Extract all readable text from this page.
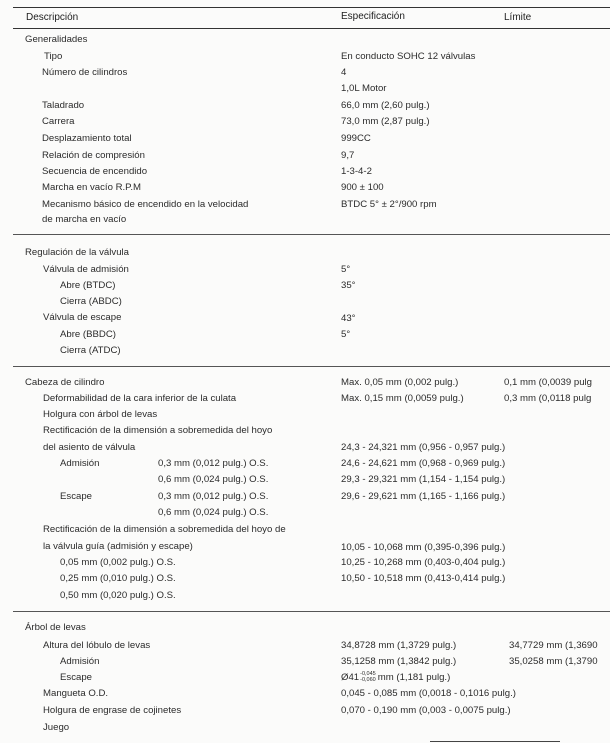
Descripción	Especificación	Límite
Generalidades
Tipo	En conducto SOHC 12 válvulas
Número de cilindros	4
1,0L Motor
Taladrado	66,0 mm (2,60 pulg.)
Carrera	73,0 mm (2,87 pulg.)
Desplazamiento total	999CC
Relación de compresión	9,7
Secuencia de encendido	1-3-4-2
Marcha en vacío R.P.M	900 ± 100
Mecanismo básico de encendido en la velocidad	BTDC 5° ± 2°/900 rpm
de marcha en vacío
Regulación de la válvula
Válvula de admisión	5°
Abre (BTDC)	35°
Cierra (ABDC)
Válvula de escape	43°
Abre (BBDC)	5°
Cierra (ATDC)
Cabeza de cilindro	Max. 0,05 mm (0,002 pulg.)	0,1 mm (0,0039 pulg
Deformabilidad de la cara inferior de la culata	Max. 0,15 mm (0,0059 pulg.)	0,3 mm (0,0118 pulg
Holgura con árbol de levas
Rectificación de la dimensión a sobremedida del hoyo
del asiento de válvula	24,3 - 24,321 mm (0,956 - 0,957 pulg.)
Admisión	0,3 mm (0,012 pulg.) O.S.	24,6 - 24,621 mm (0,968 - 0,969 pulg.)
0,6 mm (0,024 pulg.) O.S.	29,3 - 29,321 mm (1,154 - 1,154 pulg.)
Escape	0,3 mm (0,012 pulg.) O.S.	29,6 - 29,621 mm (1,165 - 1,166 pulg.)
0,6 mm (0,024 pulg.) O.S.
Rectificación de la dimensión a sobremedida del hoyo de
la válvula guía (admisión y escape)	10,05 - 10,068 mm (0,395-0,396 pulg.)
0,05 mm (0,002 pulg.) O.S.	10,25 - 10,268 mm (0,403-0,404 pulg.)
0,25 mm (0,010 pulg.) O.S.	10,50 - 10,518 mm (0,413-0,414 pulg.)
0,50 mm (0,020 pulg.) O.S.
Árbol de levas
Altura del lóbulo de levas	34,8728 mm (1,3729 pulg.)	34,7729 mm (1,3690
Admisión	35,1258 mm (1,3842 pulg.)	35,0258 mm (1,3790
Escape	Ø41 -0,045
-0,060 mm (1,181 pulg.)
Mangueta O.D.	0,045 - 0,085 mm (0,0018 - 0,1016 pulg.)
Holgura de engrase de cojinetes	0,070 - 0,190 mm (0,003 - 0,0075 pulg.)
Juego
